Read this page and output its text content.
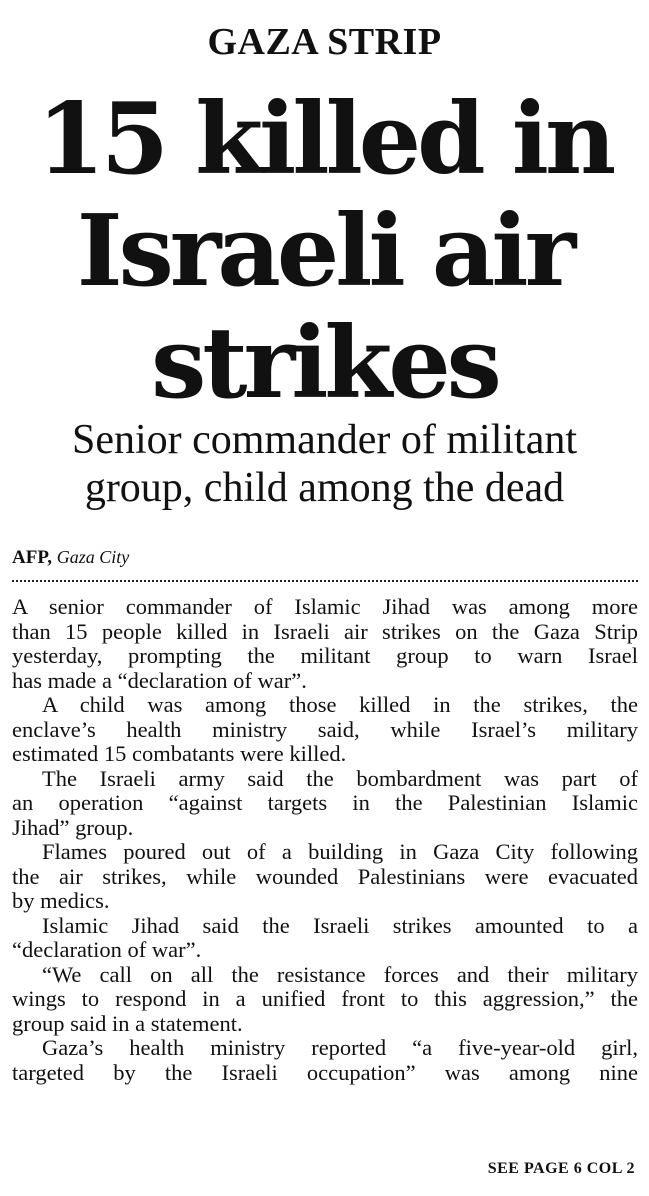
GAZA STRIP
15 killed in
Israeli air
strikes
Senior commander of militant
group, child among the dead
AFP, Gaza City
A senior commander of Islamic Jihad was among more
than 15 people killed in Israeli air strikes on the Gaza Strip
yesterday, prompting the militant group to warn Israel
has made a “declaration of war”.
A child was among those killed in the strikes, the
enclave’s health ministry said, while Israel’s military
estimated 15 combatants were killed.
The Israeli army said the bombardment was part of
an operation “against targets in the Palestinian Islamic
Jihad” group.
Flames poured out of a building in Gaza City following
the air strikes, while wounded Palestinians were evacuated
by medics.
Islamic Jihad said the Israeli strikes amounted to a
“declaration of war”.
“We call on all the resistance forces and their military
wings to respond in a unified front to this aggression,” the
group said in a statement.
Gaza’s health ministry reported “a five-year-old girl,
targeted by the Israeli occupation” was among nine
SEE PAGE 6 COL 2
